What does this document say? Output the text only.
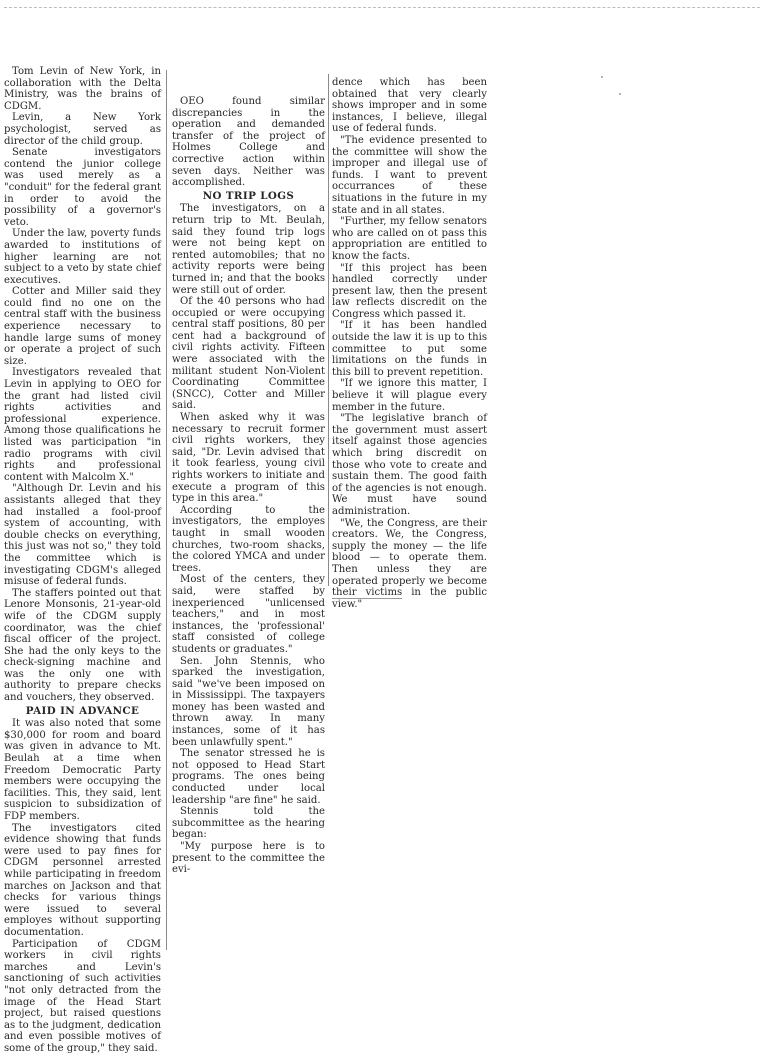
Tom Levin of New York, in collaboration with the Delta Ministry, was the brains of CDGM.

Levin, a New York psychologist, served as director of the child group.

Senate investigators contend the junior college was used merely as a "conduit" for the federal grant in order to avoid the possibility of a governor's veto.

Under the law, poverty funds awarded to institutions of higher learning are not subject to a veto by state chief executives.

Cotter and Miller said they could find no one on the central staff with the business experience necessary to handle large sums of money or operate a project of such size.

Investigators revealed that Levin in applying to OEO for the grant had listed civil rights activities and professional experience. Among those qualifications he listed was participation "in radio programs with civil rights and professional content with Malcolm X."

"Although Dr. Levin and his assistants alleged that they had installed a fool-proof system of accounting, with double checks on everything, this just was not so," they told the committee which is investigating CDGM's alleged misuse of federal funds.

The staffers pointed out that Lenore Monsonis, 21-year-old wife of the CDGM supply coordinator, was the chief fiscal officer of the project. She had the only keys to the check-signing machine and was the only one with authority to prepare checks and vouchers, they observed.

PAID IN ADVANCE

It was also noted that some $30,000 for room and board was given in advance to Mt. Beulah at a time when Freedom Democratic Party members were occupying the facilities. This, they said, lent suspicion to subsidization of FDP members.

The investigators cited evidence showing that funds were used to pay fines for CDGM personnel arrested while participating in freedom marches on Jackson and that checks for various things were issued to several employes without supporting documentation.

Participation of CDGM workers in civil rights marches and Levin's sanctioning of such activities "not only detracted from the image of the Head Start project, but raised questions as to the judgment, dedication and even possible motives of some of the group," they said.

OEO found similar discrepancies in the operation and demanded transfer of the project of Holmes College and corrective action within seven days. Neither was accomplished.

NO TRIP LOGS

The investigators, on a return trip to Mt. Beulah, said they found trip logs were not being kept on rented automobiles; that no activity reports were being turned in; and that the books were still out of order.

Of the 40 persons who had occupied or were occupying central staff positions, 80 per cent had a background of civil rights activity. Fifteen were associated with the militant student Non-Violent Coordinating Committee (SNCC), Cotter and Miller said.

When asked why it was necessary to recruit former civil rights workers, they said, "Dr. Levin advised that it took fearless, young civil rights workers to initiate and execute a program of this type in this area."

According to the investigators, the employes taught in small wooden churches, two-room shacks, the colored YMCA and under trees.

Most of the centers, they said, were staffed by inexperienced "unlicensed teachers," and in most instances, the 'professional' staff consisted of college students or graduates."

Sen. John Stennis, who sparked the investigation, said "we've been imposed on in Mississippi. The taxpayers money has been wasted and thrown away. In many instances, some of it has been unlawfully spent."

The senator stressed he is not opposed to Head Start programs. The ones being conducted under local leadership "are fine" he said.

Stennis told the subcommittee as the hearing began:

"My purpose here is to present to the committee the evi-

dence which has been obtained that very clearly shows improper and in some instances, I believe, illegal use of federal funds.

"The evidence presented to the committee will show the improper and illegal use of funds. I want to prevent occurrances of these situations in the future in my state and in all states.

"Further, my fellow senators who are called on ot pass this appropriation are entitled to know the facts.

"If this project has been handled correctly under present law, then the present law reflects discredit on the Congress which passed it.

"If it has been handled outside the law it is up to this committee to put some limitations on the funds in this bill to prevent repetition.

"If we ignore this matter, I believe it will plague every member in the future.

"The legislative branch of the government must assert itself against those agencies which bring discredit on those who vote to create and sustain them. The good faith of the agencies is not enough. We must have sound administration.

"We, the Congress, are their creators. We, the Congress, supply the money — the life blood — to operate them. Then unless they are operated properly we become their victims in the public view."
